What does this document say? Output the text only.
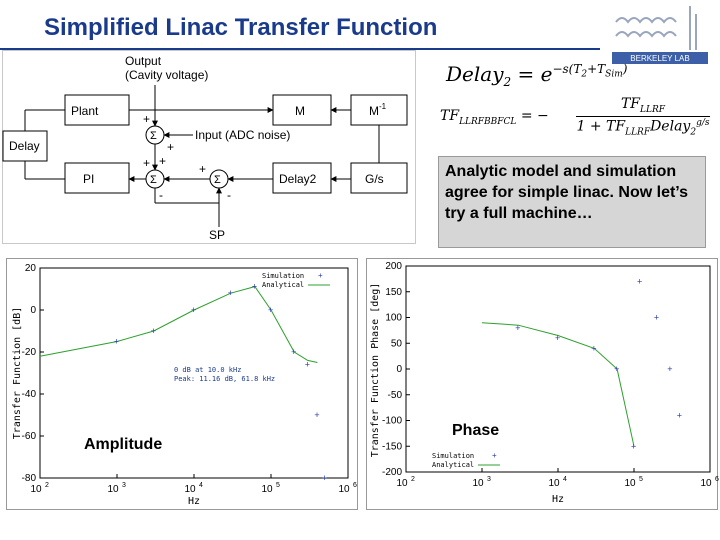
Simplified Linac Transfer Function
BERKELEY LAB
Output
(Cavity voltage)
Plant	M	M -1
Delay
PI	Delay2	G/s
Input (ADC noise)
SP
Σ
Σ	Σ
+
+
+
+
-
+
-
Delay$_2$ = $e^{-s(T_2+T_{Sim})}$
$TF_{LLRFBBFCL}$ = −
$TF_{LLRF}$
$1 + TF_{LLRF}Delay_2^{g/s}$
Analytic model and simulation agree for simple linac. Now let’s try a full machine…
+
+
+
+
+
+
+
+
+
+
20
0
-20
-40
-60
-80
10 2	10 3	10 4	10 5	10 6
Transfer Function [dB]
Hz
Simulation
Analytical
+
0 dB at 10.0 kHz
Peak: 11.16 dB, 61.8 kHz
Amplitude
+
+
+
+
+
+
+
+
+
200
150
100
50
0
-50
-100
-150
-200
10 2	10 3	10 4	10 5	10 6
Transfer Function Phase [deg]
Hz
Simulation
Analytical
+
Phase
